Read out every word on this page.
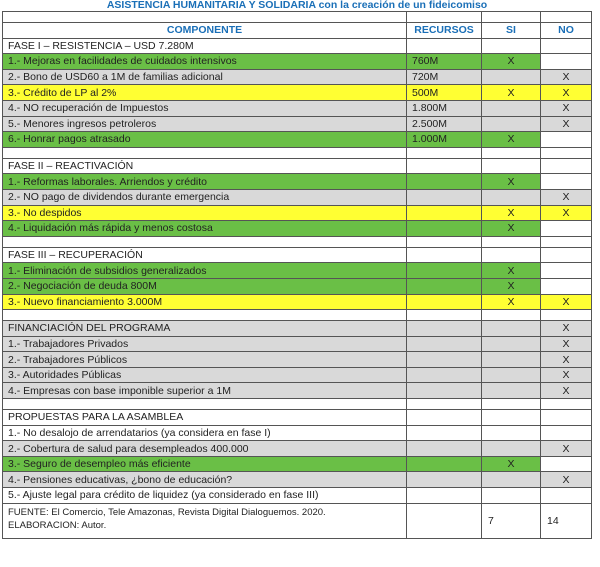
ASISTENCIA HUMANITARIA Y SOLIDARIA con la creación de un fideicomiso			

COMPONENTE	RECURSOS	SI	NO
FASE I – RESISTENCIA – USD 7.280M			
1.- Mejoras en facilidades de cuidados intensivos	760M	X	
2.- Bono de USD60 a 1M de familias adicional	720M		X
3.- Crédito de LP al 2%	500M	X	X
4.- NO recuperación de Impuestos	1.800M		X
5.- Menores ingresos petroleros	2.500M		X
6.- Honrar pagos atrasado	1.000M	X	

FASE II – REACTIVACIÓN			
1.- Reformas laborales. Arriendos y crédito		X	
2.- NO pago de dividendos durante emergencia			X
3.- No despidos		X	X
4.- Liquidación más rápida y menos costosa		X	

FASE III – RECUPERACIÓN			
1.- Eliminación de subsidios generalizados		X	
2.- Negociación de deuda 800M		X	
3.- Nuevo financiamiento 3.000M		X	X

FINANCIACIÓN DEL PROGRAMA			X
1.- Trabajadores Privados			X
2.- Trabajadores Públicos			X
3.- Autoridades Públicas			X
4.- Empresas con base imponible superior a 1M			X

PROPUESTAS PARA LA ASAMBLEA			
1.- No desalojo de arrendatarios (ya considera en fase I)			
2.- Cobertura de salud para desempleados 400.000			X
3.- Seguro de desempleo más eficiente		X	
4.- Pensiones educativas, ¿bono de educación?			X
5.- Ajuste legal para crédito de liquidez (ya considerado en fase III)			

FUENTE: El Comercio, Tele Amazonas, Revista Digital Dialoguemos. 2020.
ELABORACION: Autor.		7	14
